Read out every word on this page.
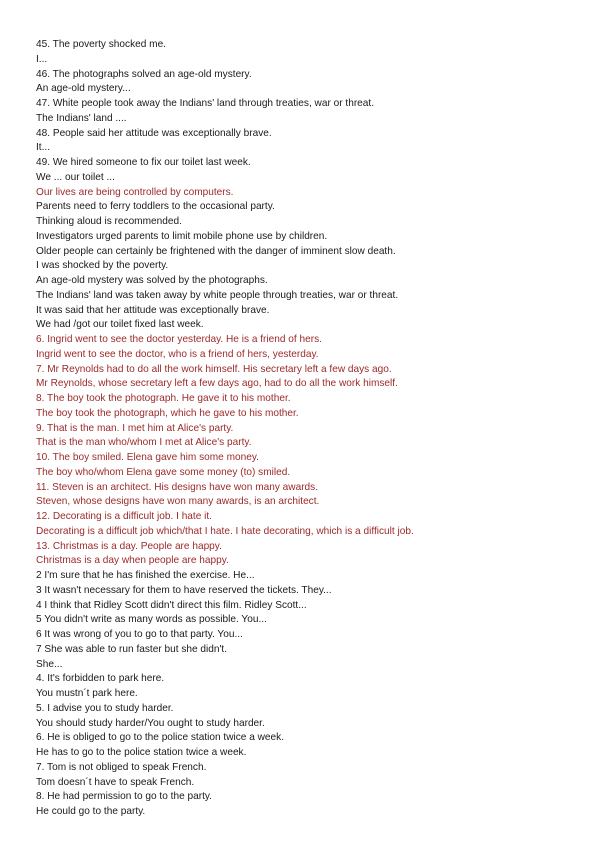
45. The poverty shocked me.
I...
46. The photographs solved an age-old mystery.
An age-old mystery...
47. White people took away the Indians' land through treaties, war or threat.
The Indians' land ....
48. People said her attitude was exceptionally brave.
It...
49. We hired someone to fix our toilet last week.
We ... our toilet ...
Our lives are being controlled by computers.
Parents need to ferry toddlers to the occasional party.
Thinking aloud is recommended.
Investigators urged parents to limit mobile phone use by children.
Older people can certainly be frightened with the danger of imminent slow death.
I was shocked by the poverty.
An age-old mystery was solved by the photographs.
The Indians' land was taken away by white people through treaties, war or threat.
It was said that her attitude was exceptionally brave.
We had /got our toilet fixed last week.
6. Ingrid went to see the doctor yesterday. He is a friend of hers.
Ingrid went to see the doctor, who is a friend of hers, yesterday.
7. Mr Reynolds had to do all the work himself. His secretary left a few days ago.
Mr Reynolds, whose secretary left a few days ago, had to do all the work himself.
8. The boy took the photograph. He gave it to his mother.
The boy took the photograph, which he gave to his mother.
9. That is the man. I met him at Alice's party.
That is the man who/whom I met at Alice's party.
10. The boy smiled. Elena gave him some money.
The boy who/whom Elena gave some money (to) smiled.
11. Steven is an architect. His designs have won many awards.
Steven, whose designs have won many awards, is an architect.
12. Decorating is a difficult job. I hate it.
Decorating is a difficult job which/that I hate. I hate decorating, which is a difficult job.
13. Christmas is a day. People are happy.
Christmas is a day when people are happy.
2 I'm sure that he has finished the exercise. He...
3 It wasn't necessary for them to have reserved the tickets. They...
4 I think that Ridley Scott didn't direct this film. Ridley Scott...
5 You didn't write as many words as possible. You...
6 It was wrong of you to go to that party. You...
7 She was able to run faster but she didn't.
She...
4. It's forbidden to park here.
You mustn´t park here.
5. I advise you to study harder.
You should study harder/You ought to study harder.
6. He is obliged to go to the police station twice a week.
He has to go to the police station twice a week.
7. Tom is not obliged to speak French.
Tom doesn´t have to speak French.
8. He had permission to go to the party.
He could go to the party.
